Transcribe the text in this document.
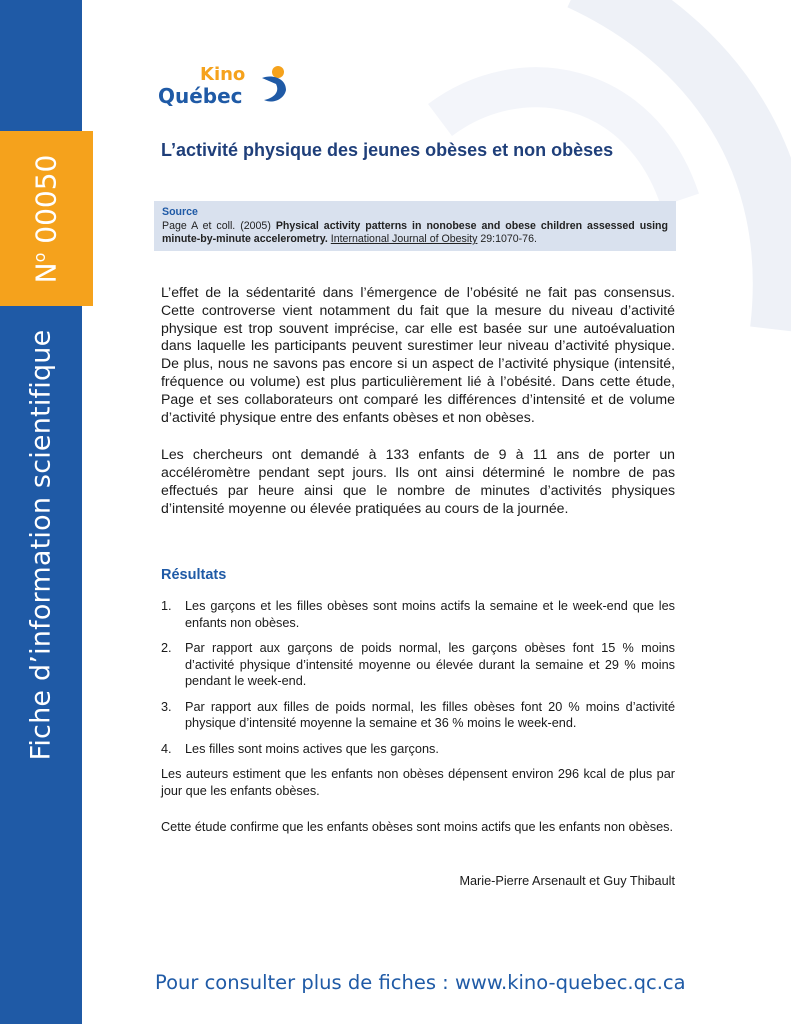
$N^o$ 00050
Fiche d’information scientifique
Kino
Québec
L’activité physique des jeunes obèses et non obèses
Source
Page A et coll. (2005) Physical activity patterns in nonobese and obese children assessed using minute-by-minute accelerometry. International Journal of Obesity 29:1070-76.

L’effet de la sédentarité dans l’émergence de l’obésité ne fait pas consensus. Cette controverse vient notamment du fait que la mesure du niveau d’activité physique est trop souvent imprécise, car elle est basée sur une autoévaluation dans laquelle les participants peuvent surestimer leur niveau d’activité physique. De plus, nous ne savons pas encore si un aspect de l’activité physique (intensité, fréquence ou volume) est plus particulièrement lié à l’obésité. Dans cette étude, Page et ses collaborateurs ont comparé les différences d’intensité et de volume d’activité physique entre des enfants obèses et non obèses.

Les chercheurs ont demandé à 133 enfants de 9 à 11 ans de porter un accéléromètre pendant sept jours. Ils ont ainsi déterminé le nombre de pas effectués par heure ainsi que le nombre de minutes d’activités physiques d’intensité moyenne ou élevée pratiquées au cours de la journée.

Résultats
1. Les garçons et les filles obèses sont moins actifs la semaine et le week-end que les enfants non obèses.
2. Par rapport aux garçons de poids normal, les garçons obèses font 15 % moins d’activité physique d’intensité moyenne ou élevée durant la semaine et 29 % moins pendant le week-end.
3. Par rapport aux filles de poids normal, les filles obèses font 20 % moins d’activité physique d’intensité moyenne la semaine et 36 % moins le week-end.
4. Les filles sont moins actives que les garçons.

Les auteurs estiment que les enfants non obèses dépensent environ 296 kcal de plus par jour que les enfants obèses.

Cette étude confirme que les enfants obèses sont moins actifs que les enfants non obèses.

Marie-Pierre Arsenault et Guy Thibault
Pour consulter plus de fiches : www.kino-quebec.qc.ca
